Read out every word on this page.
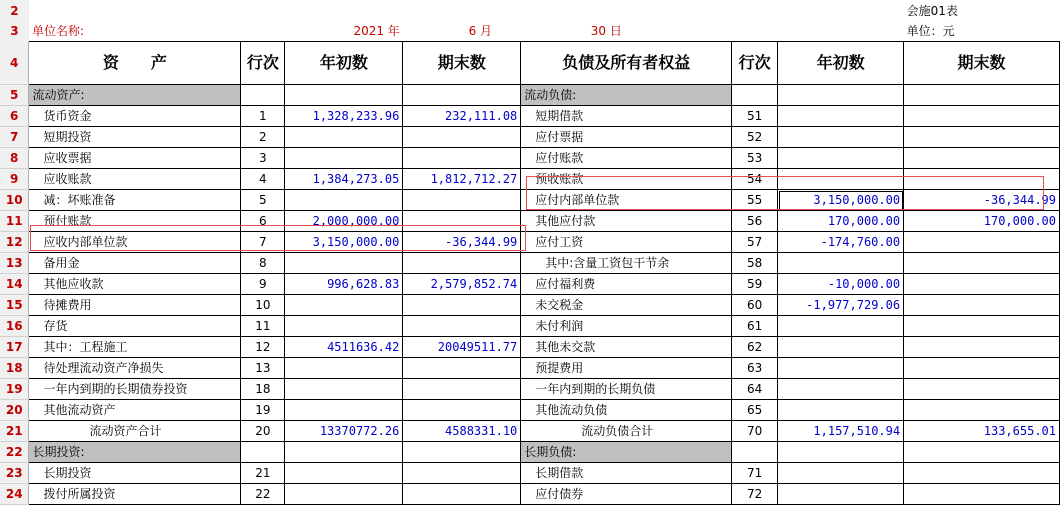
2								会施01表
3	单位名称:	2021 年		6 月	30 日			单位：元
4	资　　产	行次	年初数	期末数	负债及所有者权益	行次	年初数	期末数
5	流动资产:				流动负债:			
6	货币资金	1	1,328,233.96	232,111.08	短期借款	51		
7	短期投资	2			应付票据	52		
8	应收票据	3			应付账款	53		
9	应收账款	4	1,384,273.05	1,812,712.27	预收账款	54		
10	减：坏账准备	5			应付内部单位款	55	3,150,000.00	-36,344.99
11	预付账款	6	2,000,000.00		其他应付款	56	170,000.00	170,000.00
12	应收内部单位款	7	3,150,000.00	-36,344.99	应付工资	57	-174,760.00	
13	备用金	8			其中:含量工资包干节余	58		
14	其他应收款	9	996,628.83	2,579,852.74	应付福利费	59	-10,000.00	
15	待摊费用	10			未交税金	60	-1,977,729.06	
16	存货	11			未付利润	61		
17	其中：工程施工	12	4511636.42	20049511.77	其他未交款	62		
18	待处理流动资产净损失	13			预提费用	63		
19	一年内到期的长期债券投资	18			一年内到期的长期负债	64		
20	其他流动资产	19			其他流动负债	65		
21	流动资产合计	20	13370772.26	4588331.10	流动负债合计	70	1,157,510.94	133,655.01
22	长期投资:				长期负债:			
23	长期投资	21			长期借款	71		
24	拨付所属投资	22			应付债券	72		
